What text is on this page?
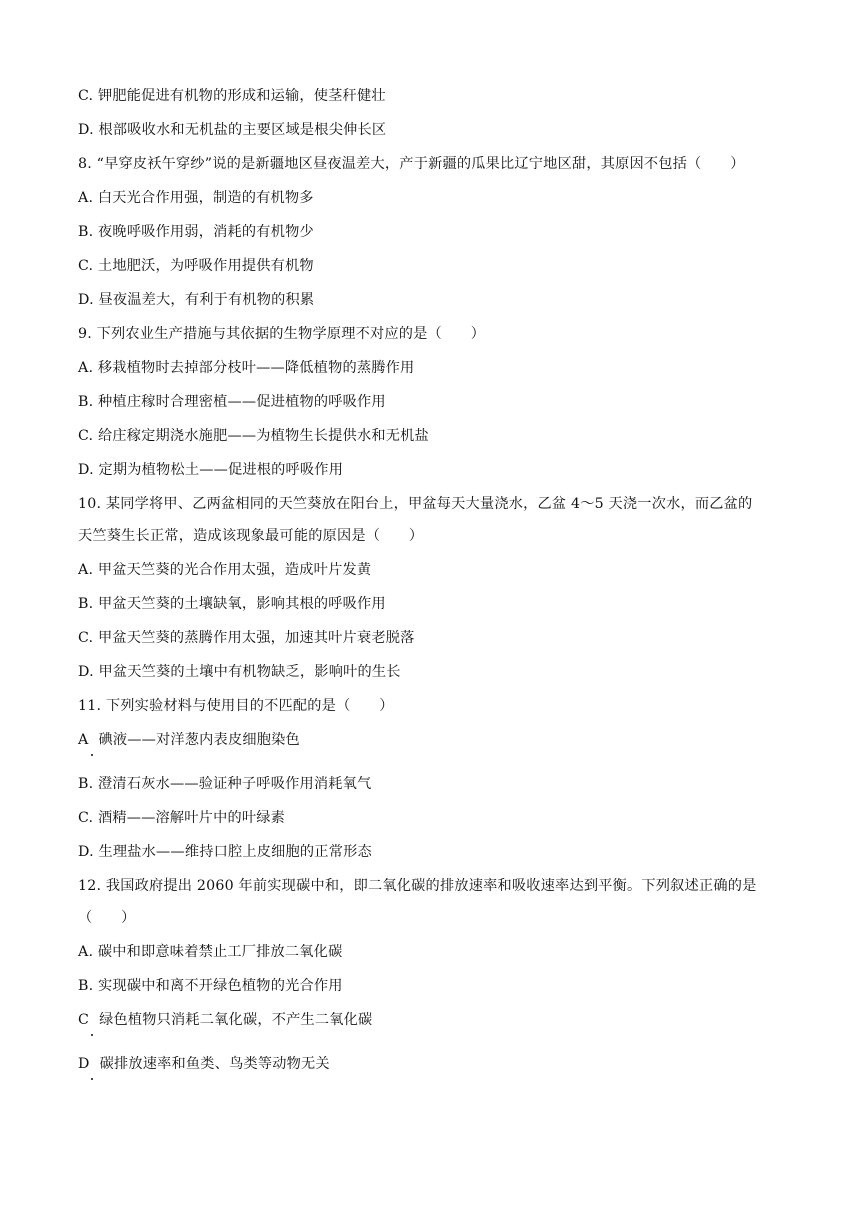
C. 钾肥能促进有机物的形成和运输，使茎秆健壮
D. 根部吸收水和无机盐的主要区域是根尖伸长区
8. “早穿皮袄午穿纱”说的是新疆地区昼夜温差大，产于新疆的瓜果比辽宁地区甜，其原因不包括（　　）
A. 白天光合作用强，制造的有机物多
B. 夜晚呼吸作用弱，消耗的有机物少
C. 土地肥沃，为呼吸作用提供有机物
D. 昼夜温差大，有利于有机物的积累
9. 下列农业生产措施与其依据的生物学原理不对应的是（　　）
A. 移栽植物时去掉部分枝叶——降低植物的蒸腾作用
B. 种植庄稼时合理密植——促进植物的呼吸作用
C. 给庄稼定期浇水施肥——为植物生长提供水和无机盐
D. 定期为植物松土——促进根的呼吸作用
10. 某同学将甲、乙两盆相同的天竺葵放在阳台上，甲盆每天大量浇水，乙盆 4～5 天浇一次水，而乙盆的
天竺葵生长正常，造成该现象最可能的原因是（　　）
A. 甲盆天竺葵的光合作用太强，造成叶片发黄
B. 甲盆天竺葵的土壤缺氧，影响其根的呼吸作用
C. 甲盆天竺葵的蒸腾作用太强，加速其叶片衰老脱落
D. 甲盆天竺葵的土壤中有机物缺乏，影响叶的生长
11. 下列实验材料与使用目的不匹配的是（　　）
A 碘液——对洋葱内表皮细胞染色
B. 澄清石灰水——验证种子呼吸作用消耗氧气
C. 酒精——溶解叶片中的叶绿素
D. 生理盐水——维持口腔上皮细胞的正常形态
12. 我国政府提出 2060 年前实现碳中和，即二氧化碳的排放速率和吸收速率达到平衡。下列叙述正确的是
（　　）
A. 碳中和即意味着禁止工厂排放二氧化碳
B. 实现碳中和离不开绿色植物的光合作用
C 绿色植物只消耗二氧化碳，不产生二氧化碳
D 碳排放速率和鱼类、鸟类等动物无关
